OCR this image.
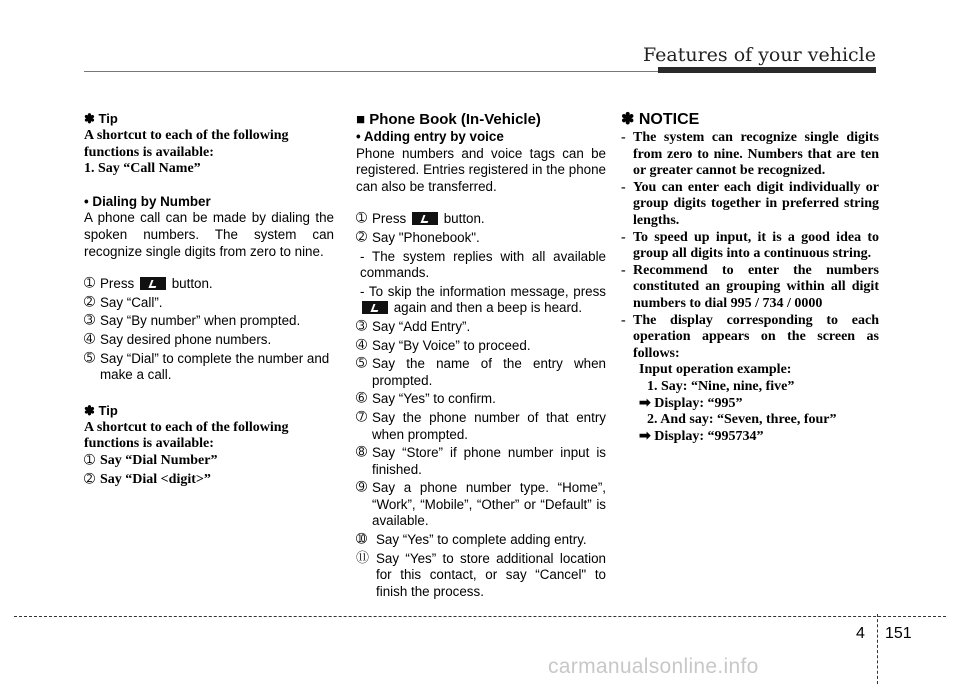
Features of your vehicle
✽ Tip
A shortcut to each of the following functions is available:
1. Say “Call Name”
• Dialing by Number
A phone call can be made by dialing the spoken numbers. The system can recognize single digits from zero to nine.
➀ Press	button.
➁ Say “Call”.
➂ Say “By number” when prompted.
➃ Say desired phone numbers.
➄ Say “Dial” to complete the number and make a call.
✽ Tip
A shortcut to each of the following functions is available:
➀ Say “Dial Number”
➁ Say “Dial <digit>”
■ Phone Book (In-Vehicle)
• Adding entry by voice
Phone numbers and voice tags can be registered. Entries registered in the phone can also be transferred.
➀ Press	button.
➁ Say "Phonebook".
- The system replies with all available commands.
- To skip the information message, press  again and then a beep is heard.
➂ Say “Add Entry”.
➃ Say “By Voice” to proceed.
➄ Say the name of the entry when prompted.
➅ Say “Yes” to confirm.
➆ Say the phone number of that entry when prompted.
➇ Say “Store” if phone number input is finished.
➈ Say a phone number type. “Home”, “Work”, “Mobile”, “Other” or “Default” is available.
➉ Say “Yes” to complete adding entry.
⑪ Say “Yes” to store additional location for this contact, or say “Cancel" to finish the process.
✽ NOTICE
- The system can recognize single digits from zero to nine. Numbers that are ten or greater cannot be recognized.
- You can enter each digit individually or group digits together in preferred string lengths.
- To speed up input, it is a good idea to group all digits into a continuous string.
- Recommend to enter the numbers constituted an grouping within all digit numbers to dial 995 / 734 / 0000
- The display corresponding to each operation appears on the screen as follows:
Input operation example:
1. Say: “Nine, nine, five”
➡ Display: “995”
2. And say: “Seven, three, four”
➡ Display: “995734”
4 151
carmanualsonline.info
